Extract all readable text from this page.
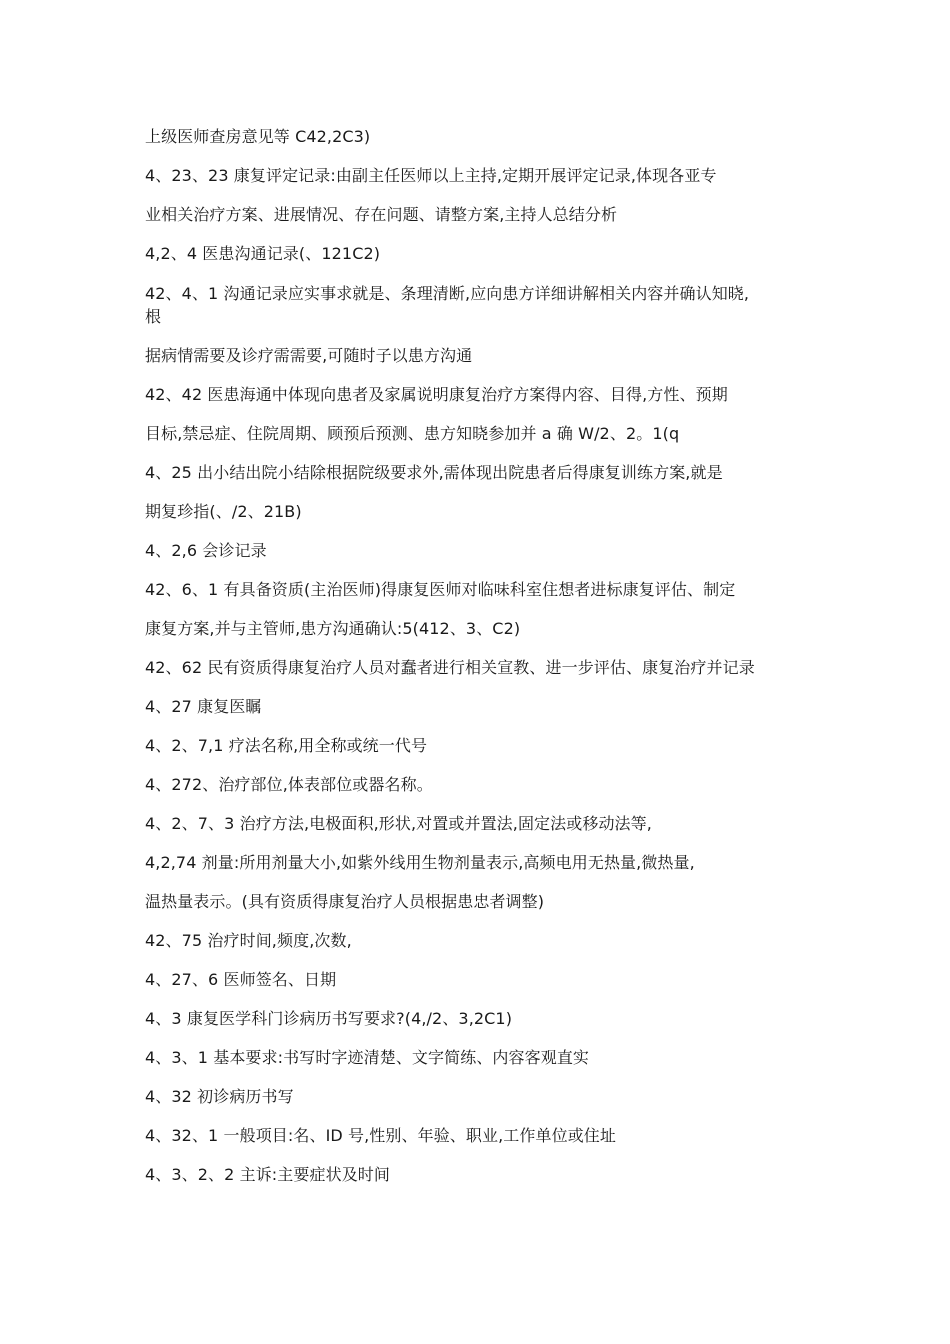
上级医师查房意见等 C42,2C3)
4、23、23 康复评定记录:由副主任医师以上主持,定期开展评定记录,体现各亚专
业相关治疗方案、进展情况、存在问题、请整方案,主持人总结分析
4,2、4 医患沟通记录(、121C2)
42、4、1 沟通记录应实事求就是、条理清断,应向患方详细讲解相关内容并确认知晓,
根
据病情需要及诊疗需需要,可随时子以患方沟通
42、42 医患海通中体现向患者及家属说明康复治疗方案得内容、目得,方性、预期
目标,禁忌症、住院周期、顾预后预测、患方知晓参加并 a 确 W/2、2。1(q
4、25 出小结出院小结除根据院级要求外,需体现出院患者后得康复训练方案,就是
期复珍指(、/2、21B)
4、2,6 会诊记录
42、6、1 有具备资质(主治医师)得康复医师对临味科室住想者进标康复评估、制定
康复方案,并与主管师,患方沟通确认:5(412、3、C2)
42、62 民有资质得康复治疗人员对蠢者进行相关宣教、进一步评估、康复治疗并记录
4、27 康复医瞩
4、2、7,1 疗法名称,用全称或统一代号
4、272、治疗部位,体表部位或器名称。
4、2、7、3 治疗方法,电极面积,形状,对置或并置法,固定法或移动法等,
4,2,74 剂量:所用剂量大小,如紫外线用生物剂量表示,高频电用无热量,微热量,
温热量表示。(具有资质得康复治疗人员根据患忠者调整)
42、75 治疗时间,频度,次数,
4、27、6 医师签名、日期
4、3 康复医学科门诊病历书写要求?(4,/2、3,2C1)
4、3、1 基本要求:书写时字迹清楚、文字简练、内容客观直实
4、32 初诊病历书写
4、32、1 一般项目:名、ID 号,性别、年验、职业,工作单位或住址
4、3、2、2 主诉:主要症状及时间
